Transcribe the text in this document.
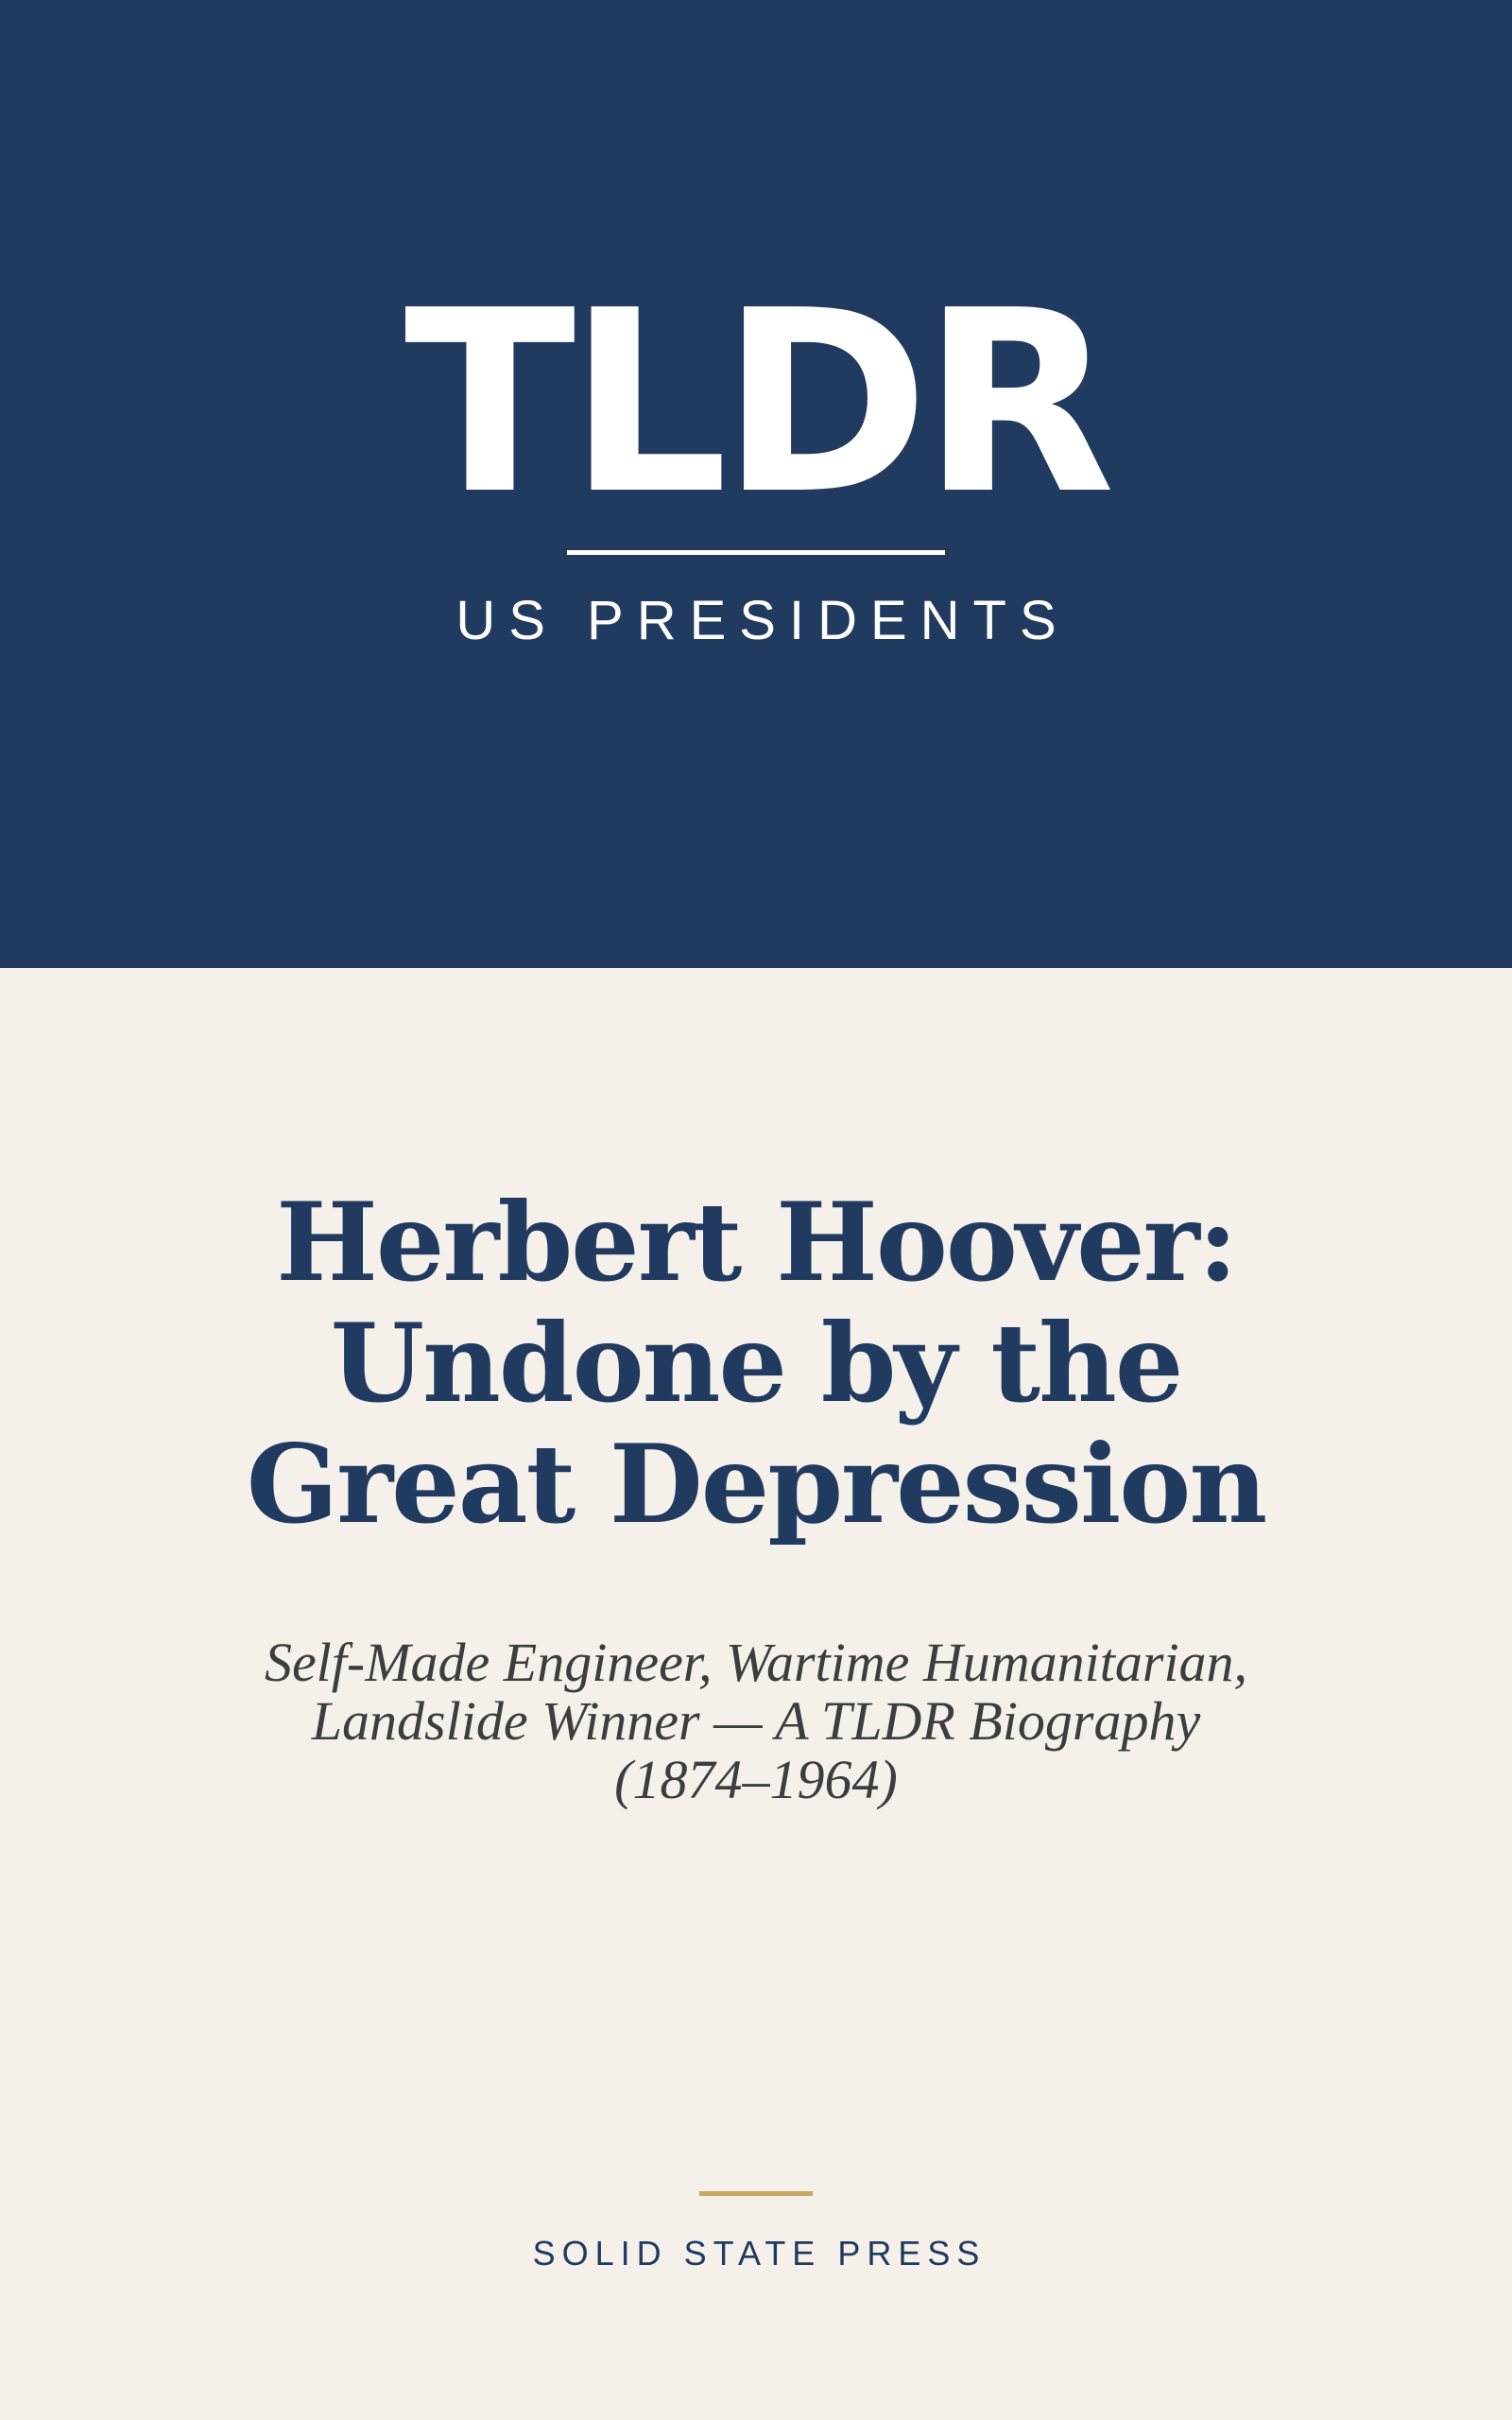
TLDR
US PRESIDENTS
Herbert Hoover:
Undone by the
Great Depression
Self-Made Engineer, Wartime Humanitarian,
Landslide Winner — A TLDR Biography
(1874–1964)
SOLID STATE PRESS
